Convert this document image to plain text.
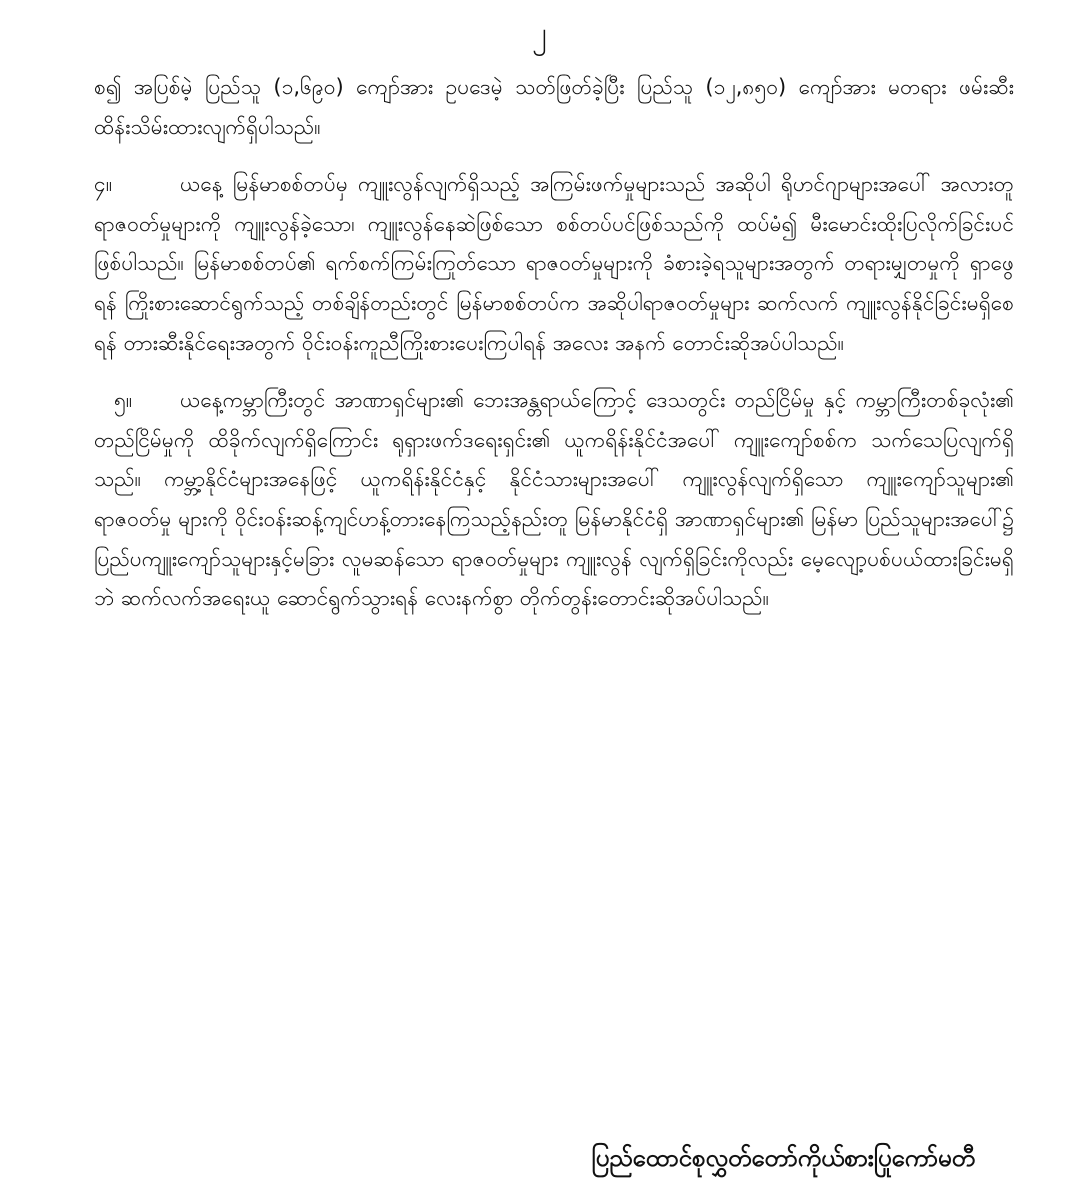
၂

စ၍ အပြစ်မဲ့ ပြည်သူ (၁,၆၉၀) ကျော်အား ဥပဒေမဲ့ သတ်ဖြတ်ခဲ့ပြီး ပြည်သူ (၁၂,၈၅၀) ကျော်အား မတရား ဖမ်းဆီးထိန်းသိမ်းထားလျက်ရှိပါသည်။

၄။	ယနေ့ မြန်မာစစ်တပ်မှ ကျူးလွန်လျက်ရှိသည့် အကြမ်းဖက်မှုများသည် အဆိုပါ ရိုဟင်ဂျာများအပေါ် အလားတူရာဇဝတ်မှုများကို ကျူးလွန်ခဲ့သော၊ ကျူးလွန်နေဆဲဖြစ်သော စစ်တပ်ပင်ဖြစ်သည်ကို ထပ်မံ၍ မီးမောင်းထိုးပြလိုက်ခြင်းပင် ဖြစ်ပါသည်။ မြန်မာစစ်တပ်၏ ရက်စက်ကြမ်းကြုတ်သော ရာဇဝတ်မှုများကို ခံစားခဲ့ရသူများအတွက် တရားမျှတမှုကို ရှာဖွေရန် ကြိုးစားဆောင်ရွက်သည့် တစ်ချိန်တည်းတွင် မြန်မာစစ်တပ်က အဆိုပါရာဇဝတ်မှုများ ဆက်လက် ကျူးလွန်နိုင်ခြင်းမရှိစေရန် တားဆီးနိုင်ရေးအတွက် ဝိုင်းဝန်းကူညီကြိုးစားပေးကြပါရန် အလေး အနက် တောင်းဆိုအပ်ပါသည်။

၅။ ယနေ့ကမ္ဘာကြီးတွင် အာဏာရှင်များ၏ ဘေးအန္တရာယ်ကြောင့် ဒေသတွင်း တည်ငြိမ်မှု နှင့် ကမ္ဘာကြီးတစ်ခုလုံး၏ တည်ငြိမ်မှုကို ထိခိုက်လျက်ရှိကြောင်း ရုရှားဖက်ဒရေးရှင်း၏ ယူကရိန်းနိုင်ငံအပေါ် ကျူးကျော်စစ်က သက်သေပြလျက်ရှိသည်။ ကမ္ဘာ့နိုင်ငံများအနေဖြင့် ယူကရိန်းနိုင်ငံနှင့် နိုင်ငံသားများအပေါ် ကျူးလွန်လျက်ရှိသော ကျူးကျော်သူများ၏ ရာဇဝတ်မှု များကို ဝိုင်းဝန်းဆန့်ကျင်ဟန့်တားနေကြသည့်နည်းတူ မြန်မာနိုင်ငံရှိ အာဏာရှင်များ၏ မြန်မာ ပြည်သူများအပေါ်၌ ပြည်ပကျူးကျော်သူများနှင့်မခြား လူမဆန်သော ရာဇဝတ်မှုများ ကျူးလွန် လျက်ရှိခြင်းကိုလည်း မေ့လျော့ပစ်ပယ်ထားခြင်းမရှိဘဲ ဆက်လက်အရေးယူ ဆောင်ရွက်သွားရန် လေးနက်စွာ တိုက်တွန်းတောင်းဆိုအပ်ပါသည်။

ပြည်ထောင်စုလွှတ်တော်ကိုယ်စားပြုကော်မတီ
